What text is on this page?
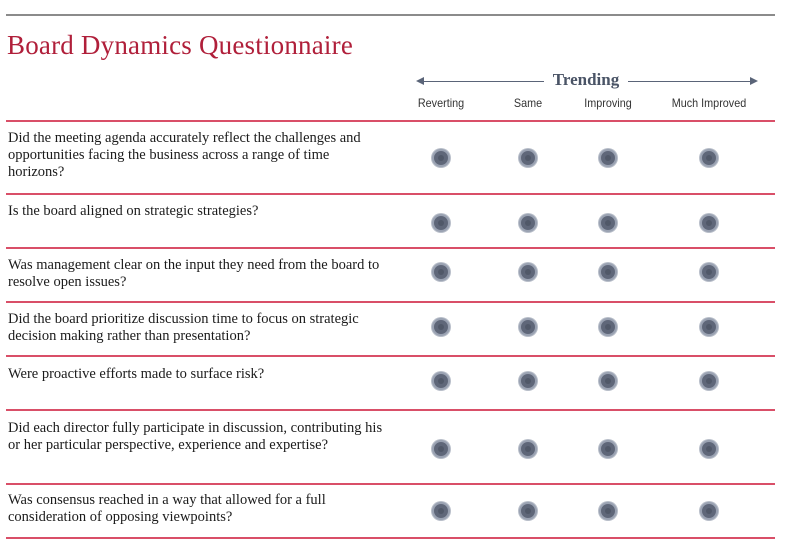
Board Dynamics Questionnaire
Trending
Reverting	Same	Improving	Much Improved
Did the meeting agenda accurately reflect the challenges and opportunities facing the business across a range of time horizons?
Is the board aligned on strategic strategies?
Was management clear on the input they need from the board to resolve open issues?
Did the board prioritize discussion time to focus on strategic decision making rather than presentation?
Were proactive efforts made to surface risk?
Did each director fully participate in discussion, contributing his or her particular perspective, experience and expertise?
Was consensus reached in a way that allowed for a full consideration of opposing viewpoints?
